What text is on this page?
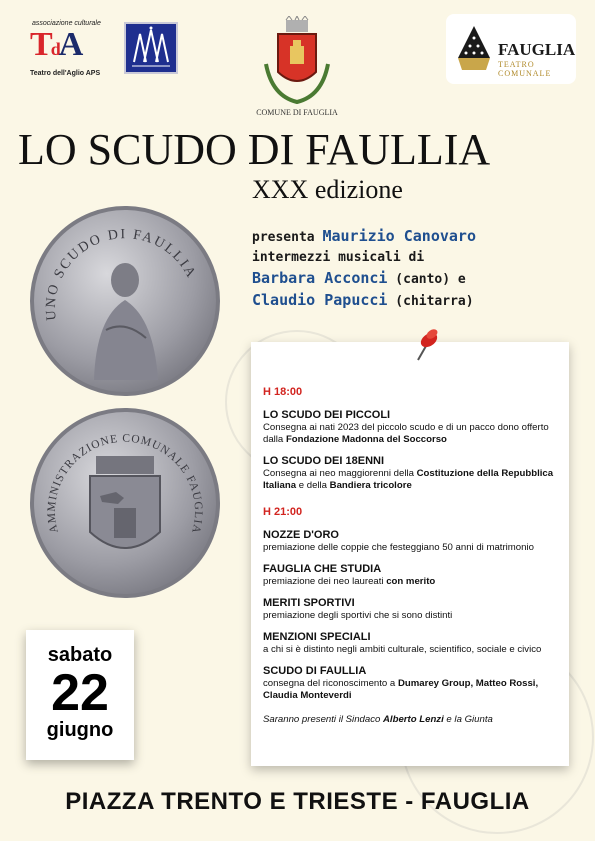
associazione culturale
TdA
Teatro dell'Aglio APS
COMUNE DI FAUGLIA
FAUGLIA
TEATRO COMUNALE
LO SCUDO DI FAULLIA
XXX edizione
presenta Maurizio Canovaro
intermezzi musicali di
Barbara Acconci (canto) e
Claudio Papucci (chitarra)
UNO SCUDO DI FAULLIA
AMMINISTRAZIONE COMUNALE FAUGLIA
H 18:00
LO SCUDO DEI PICCOLI
Consegna ai nati 2023 del piccolo scudo e di un pacco dono offerto dalla Fondazione Madonna del Soccorso
LO SCUDO DEI 18ENNI
Consegna ai neo maggiorenni della Costituzione della Repubblica Italiana e della Bandiera tricolore
H 21:00
NOZZE D'ORO
premiazione delle coppie che festeggiano 50 anni di matrimonio
FAUGLIA CHE STUDIA
premiazione dei neo laureati con merito
MERITI SPORTIVI
premiazione degli sportivi che si sono distinti
MENZIONI SPECIALI
a chi si è distinto negli ambiti culturale, scientifico, sociale e civico
SCUDO DI FAULLIA
consegna del riconoscimento a Dumarey Group, Matteo Rossi, Claudia Monteverdi
Saranno presenti il Sindaco Alberto Lenzi e la Giunta
sabato
22
giugno
PIAZZA TRENTO E TRIESTE - FAUGLIA
